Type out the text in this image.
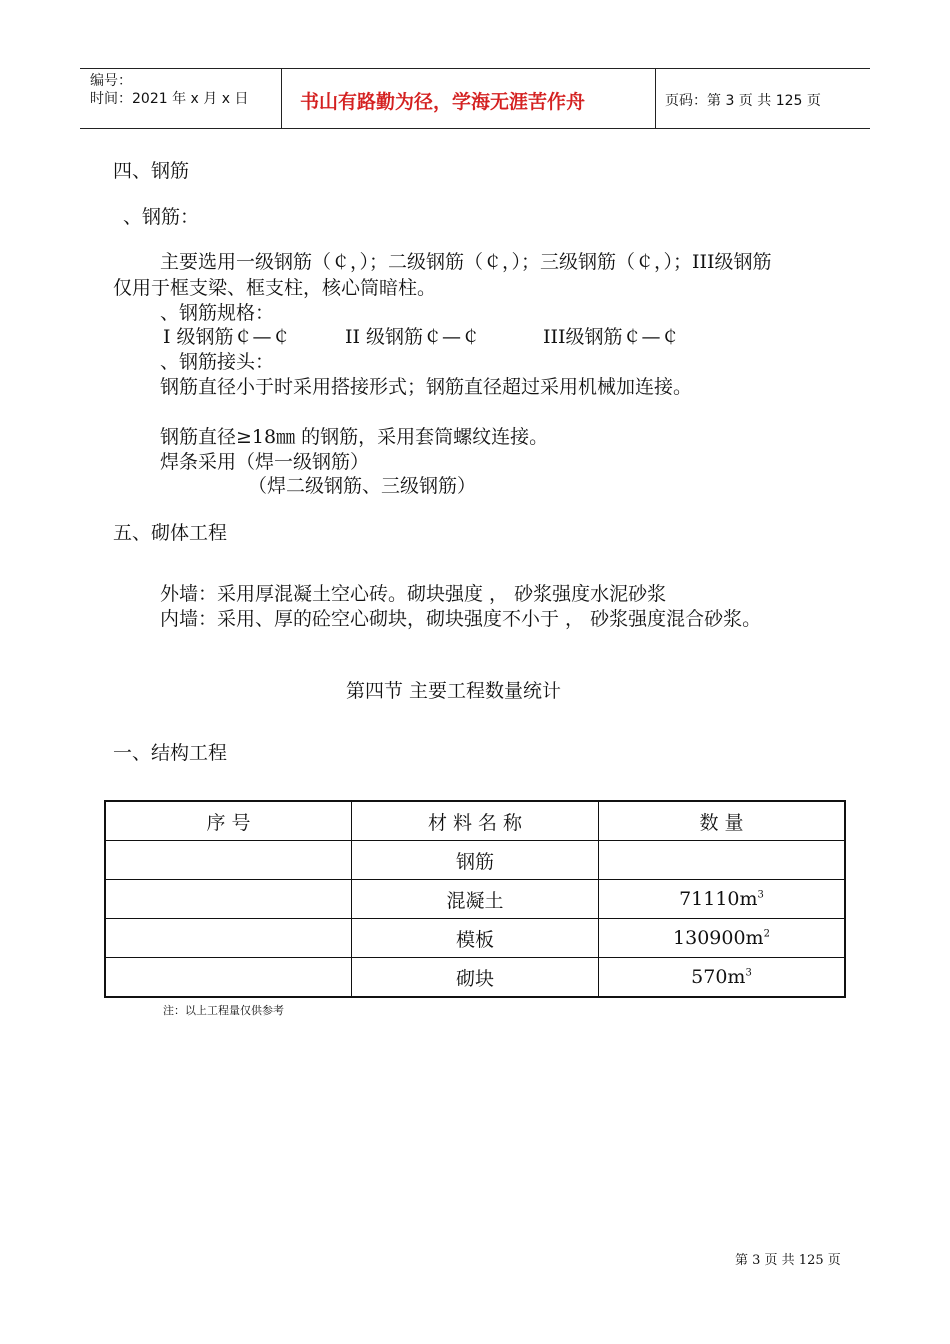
编号：
时间：2021 年 x 月 x 日	书山有路勤为径，学海无涯苦作舟	页码：第 3 页 共 125 页
四、钢筋
、钢筋：
主要选用一级钢筋（￠，）；二级钢筋（￠，）；三级钢筋（￠，）；III级钢筋
仅用于框支梁、框支柱，核心筒暗柱。
、钢筋规格：
I 级钢筋￠—￠	II 级钢筋￠—￠	III级钢筋￠—￠
、钢筋接头：
钢筋直径小于时采用搭接形式；钢筋直径超过采用机械加连接。
钢筋直径≥18㎜ 的钢筋，采用套筒螺纹连接。
焊条采用（焊一级钢筋）
（焊二级钢筋、三级钢筋）
五、砌体工程
外墙：采用厚混凝土空心砖。砌块强度 ， 砂浆强度水泥砂浆
内墙：采用、厚的砼空心砌块，砌块强度不小于 ， 砂浆强度混合砂浆。
第四节 主要工程数量统计
一、结构工程
序 号	材 料 名 称	数 量
	钢筋	
	混凝土	$71110m^3$
	模板	$130900m^2$
	砌块	$570m^3$
注：以上工程量仅供参考
第 3 页 共 125 页
